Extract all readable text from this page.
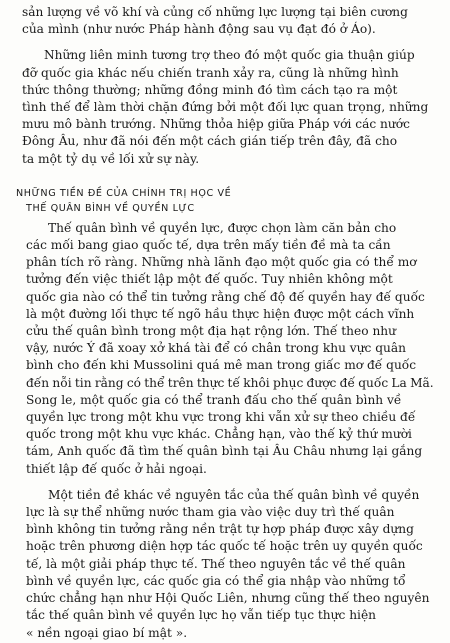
sản lượng về võ khí và củng cố những lực lượng tại biên cương
của mình (như nước Pháp hành động sau vụ đạt đó ở Áo).

Những liên minh tương trợ theo đó một quốc gia thuận giúp
đỡ quốc gia khác nếu chiến tranh xảy ra, cũng là những hình
thức thông thường; những đồng minh đó tìm cách tạo ra một
tình thế để làm thời chặn đứng bởi một đối lực quan trọng, những
mưu mô bành trướng. Những thỏa hiệp giữa Pháp với các nước
Đông Âu, như đã nói đến một cách gián tiếp trên đây, đã cho
ta một tỷ dụ về lối xử sự này.

NHỮNG TIỀN ĐỀ CỦA CHÍNH TRỊ HỌC VỀ
THẾ QUÂN BÌNH VỀ QUYỀN LỰC

Thế quân bình về quyền lực, được chọn làm căn bản cho
các mối bang giao quốc tế, dựa trên mấy tiền đề mà ta cần
phân tích rõ ràng. Những nhà lãnh đạo một quốc gia có thể mơ
tưởng đến việc thiết lập một đế quốc. Tuy nhiên không một
quốc gia nào có thể tin tưởng rằng chế độ đế quyền hay đế quốc
là một đường lối thực tế ngõ hầu thực hiện được một cách vĩnh
cửu thế quân bình trong một địa hạt rộng lớn. Thế theo như
vậy, nước Ý đã xoay xở khá tài để có chân trong khu vực quân
bình cho đến khi Mussolini quá mê man trong giấc mơ đế quốc
đến nỗi tin rằng có thể trên thực tế khôi phục được đế quốc La Mã.
Song le, một quốc gia có thể tranh đấu cho thế quân bình về
quyền lực trong một khu vực trong khi vẫn xử sự theo chiều đế
quốc trong một khu vực khác. Chẳng hạn, vào thế kỷ thứ mười
tám, Anh quốc đã tìm thế quân bình tại Âu Châu nhưng lại gắng
thiết lập đế quốc ở hải ngoại.

Một tiền đề khác về nguyên tắc của thế quân bình về quyền
lực là sự thể những nước tham gia vào việc duy trì thế quân
bình không tin tưởng rằng nền trật tự hợp pháp được xây dựng
hoặc trên phương diện hợp tác quốc tế hoặc trên uy quyền quốc
tế, là một giải pháp thực tế. Thế theo nguyên tắc về thế quân
bình về quyền lực, các quốc gia có thể gia nhập vào những tổ
chức chẳng hạn như Hội Quốc Liên, nhưng cũng thế theo nguyên
tắc thế quân bình về quyền lực họ vẫn tiếp tục thực hiện
« nền ngoại giao bí mật ».
